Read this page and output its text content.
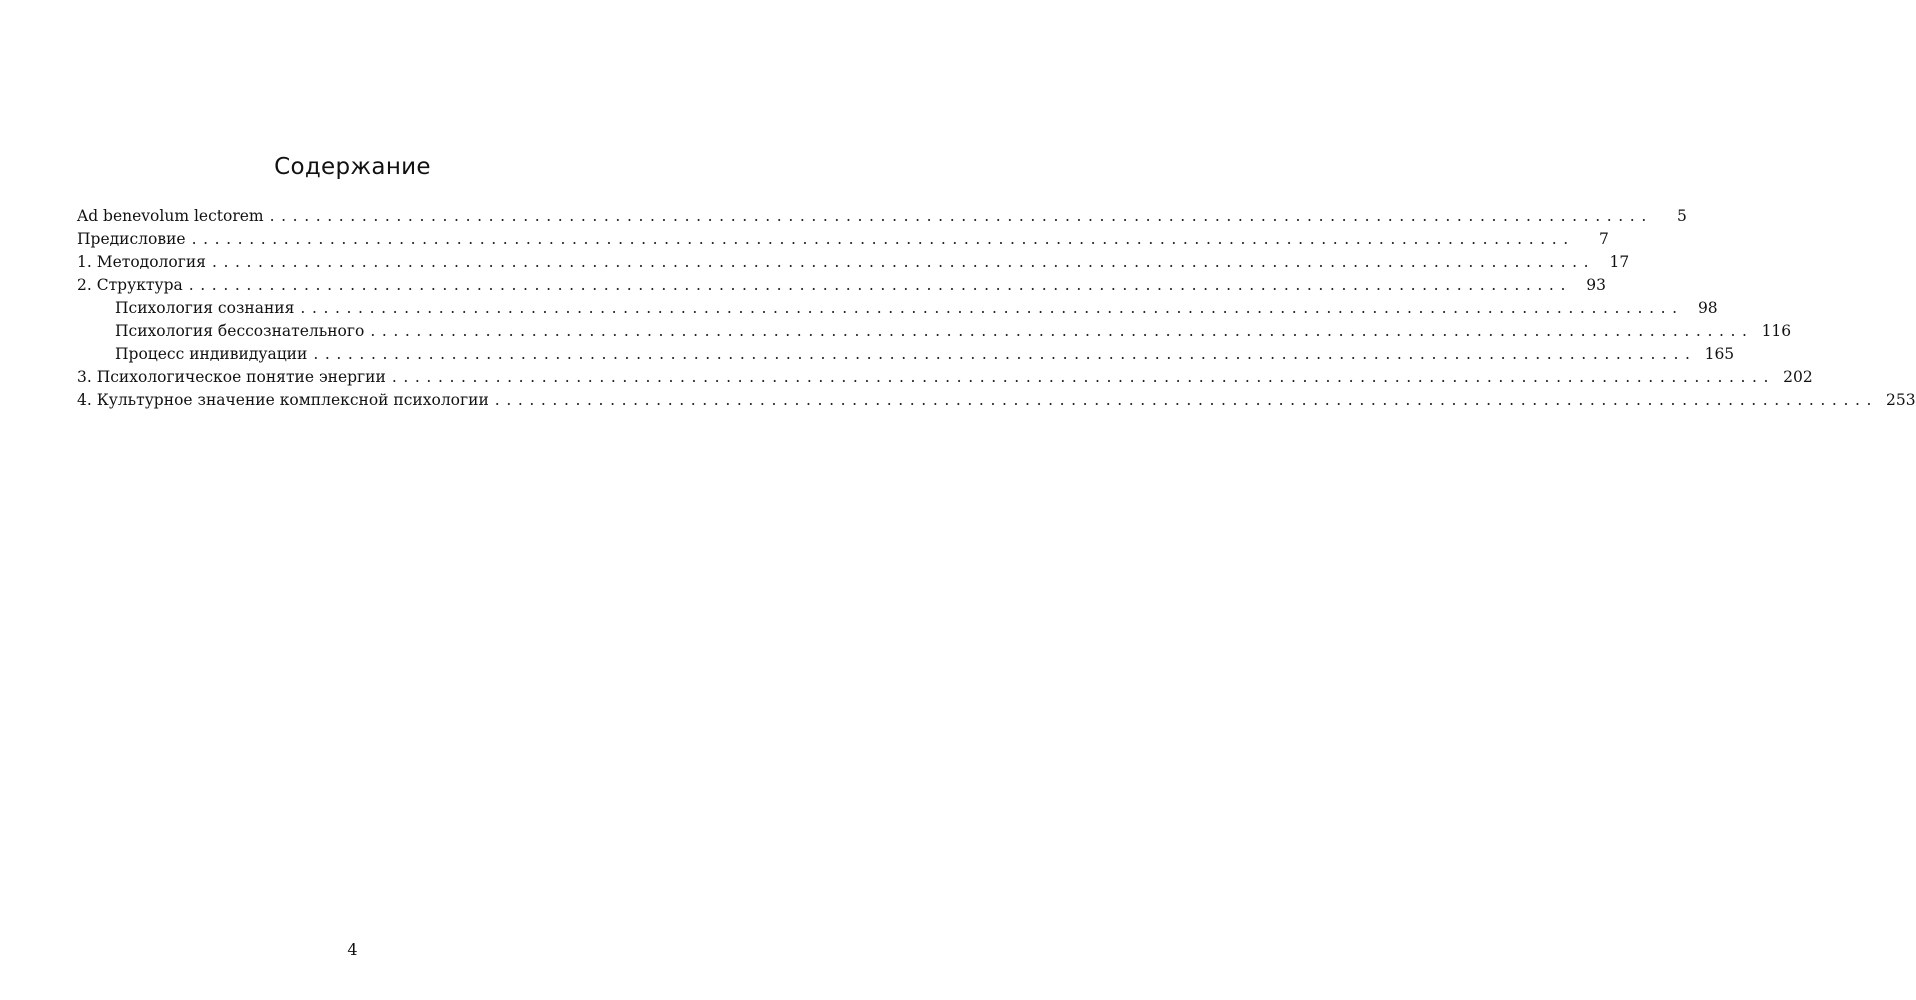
Содержание
Ad benevolum lectorem ........................................................................................................................	5
Предисловие ........................................................................................................................	7
1. Методология ........................................................................................................................ 17
2. Структура ........................................................................................................................ 93
Психология сознания ........................................................................................................................ 98
Психология бессознательного ........................................................................................................................ 116
Процесс индивидуации ........................................................................................................................ 165
3. Психологическое понятие энергии ........................................................................................................................ 202
4. Культурное значение комплексной психологии ........................................................................................................................ 253
4
